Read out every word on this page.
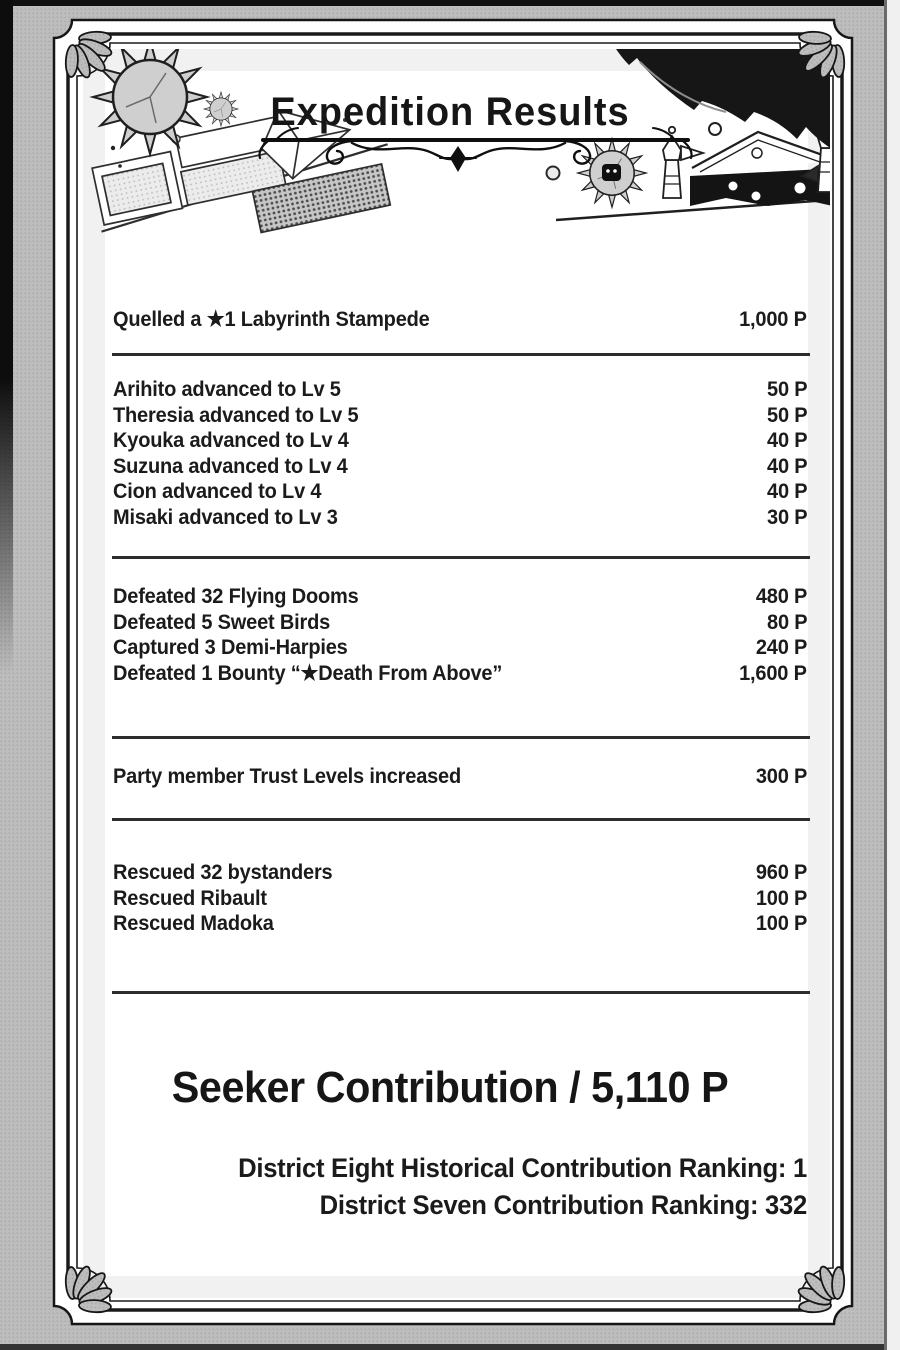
Expedition Results
Quelled a ★1 Labyrinth Stampede	1,000 P
Arihito advanced to Lv 5	50 P
Theresia advanced to Lv 5	50 P
Kyouka advanced to Lv 4	40 P
Suzuna advanced to Lv 4	40 P
Cion advanced to Lv 4	40 P
Misaki advanced to Lv 3	30 P
Defeated 32 Flying Dooms	480 P
Defeated 5 Sweet Birds	80 P
Captured 3 Demi-Harpies	240 P
Defeated 1 Bounty “★Death From Above”	1,600 P
Party member Trust Levels increased	300 P
Rescued 32 bystanders	960 P
Rescued Ribault	100 P
Rescued Madoka	100 P
Seeker Contribution / 5,110 P
District Eight Historical Contribution Ranking: 1
District Seven Contribution Ranking: 332
